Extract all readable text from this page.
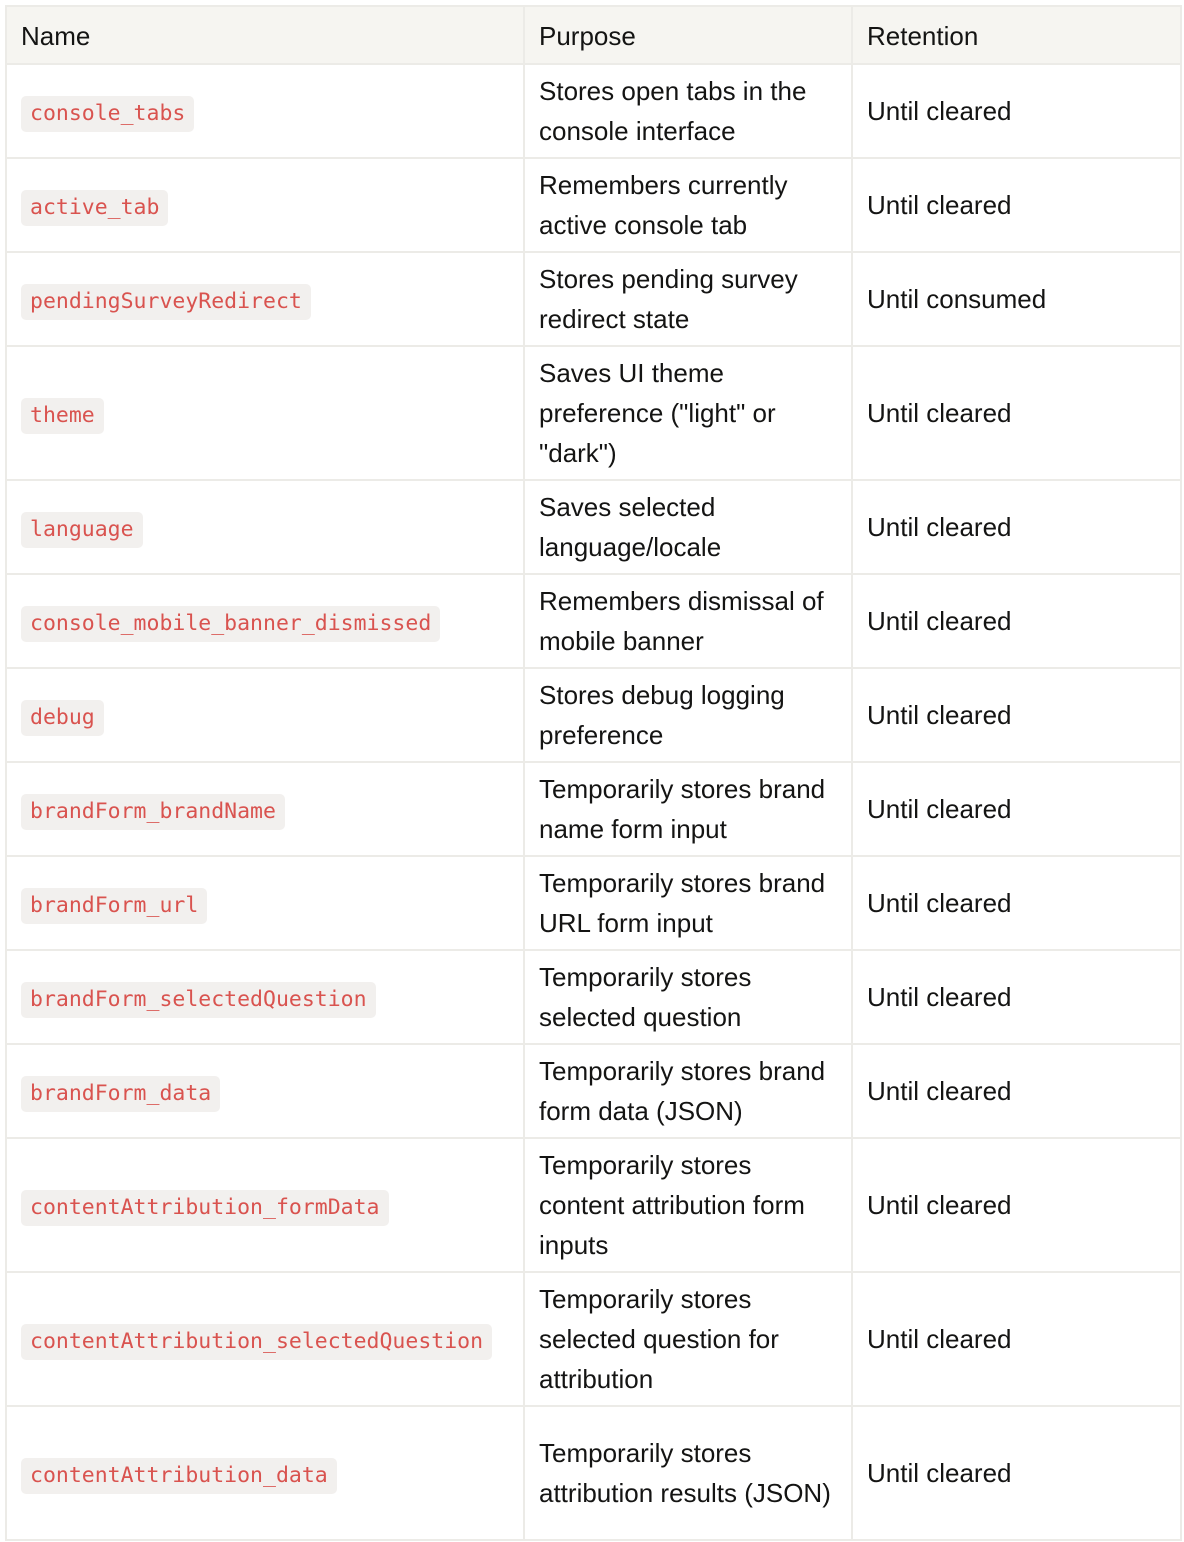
Name	Purpose	Retention
console_tabs	Stores open tabs in the console interface	Until cleared
active_tab	Remembers currently active console tab	Until cleared
pendingSurveyRedirect	Stores pending survey redirect state	Until consumed
theme	Saves UI theme preference ("light" or "dark")	Until cleared
language	Saves selected language/locale	Until cleared
console_mobile_banner_dismissed	Remembers dismissal of mobile banner	Until cleared
debug	Stores debug logging preference	Until cleared
brandForm_brandName	Temporarily stores brand name form input	Until cleared
brandForm_url	Temporarily stores brand URL form input	Until cleared
brandForm_selectedQuestion	Temporarily stores selected question	Until cleared
brandForm_data	Temporarily stores brand form data (JSON)	Until cleared
contentAttribution_formData	Temporarily stores content attribution form inputs	Until cleared
contentAttribution_selectedQuestion	Temporarily stores selected question for attribution	Until cleared
contentAttribution_data	Temporarily stores attribution results (JSON)	Until cleared
